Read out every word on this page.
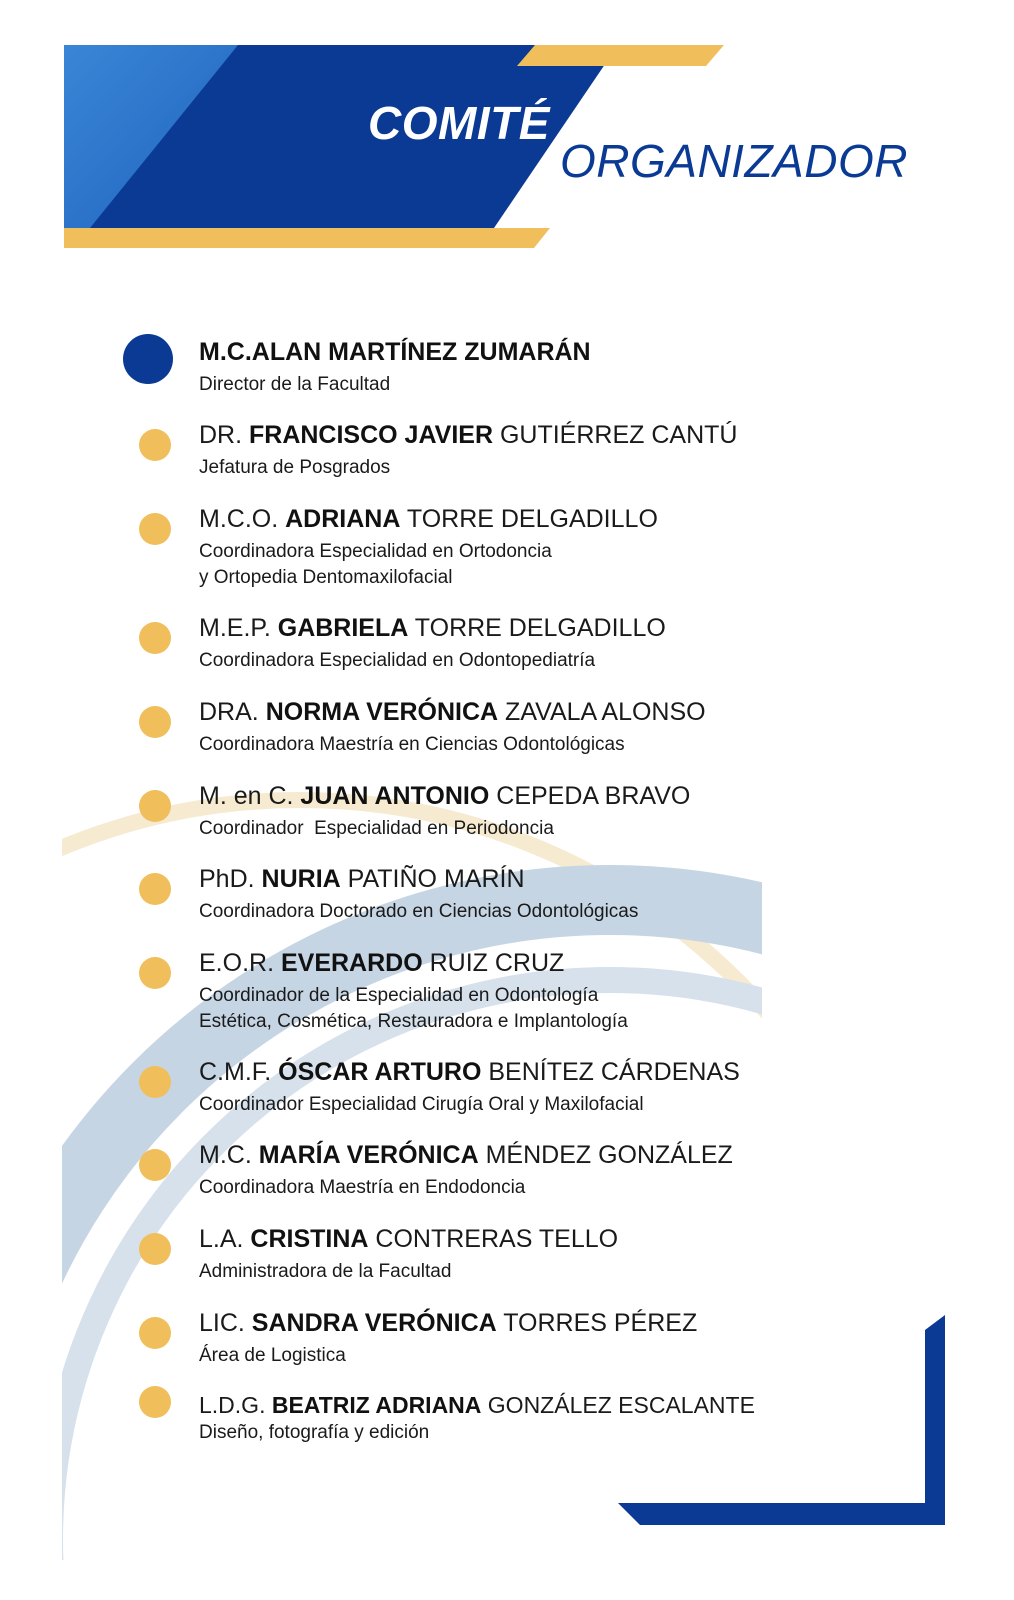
COMITÉ
ORGANIZADOR
M.C.ALAN MARTÍNEZ ZUMARÁN
Director de la Facultad
DR. FRANCISCO JAVIER GUTIÉRREZ CANTÚ
Jefatura de Posgrados
M.C.O. ADRIANA TORRE DELGADILLO
Coordinadora Especialidad en Ortodoncia
y Ortopedia Dentomaxilofacial
M.E.P. GABRIELA TORRE DELGADILLO
Coordinadora Especialidad en Odontopediatría
DRA. NORMA VERÓNICA ZAVALA ALONSO
Coordinadora Maestría en Ciencias Odontológicas
M. en C. JUAN ANTONIO CEPEDA BRAVO
Coordinador  Especialidad en Periodoncia
PhD. NURIA PATIÑO MARÍN
Coordinadora Doctorado en Ciencias Odontológicas
E.O.R. EVERARDO RUIZ CRUZ
Coordinador de la Especialidad en Odontología
Estética, Cosmética, Restauradora e Implantología
C.M.F. ÓSCAR ARTURO BENÍTEZ CÁRDENAS
Coordinador Especialidad Cirugía Oral y Maxilofacial
M.C. MARÍA VERÓNICA MÉNDEZ GONZÁLEZ
Coordinadora Maestría en Endodoncia
L.A. CRISTINA CONTRERAS TELLO
Administradora de la Facultad
LIC. SANDRA VERÓNICA TORRES PÉREZ
Área de Logistica
L.D.G. BEATRIZ ADRIANA GONZÁLEZ ESCALANTE
Diseño, fotografía y edición
